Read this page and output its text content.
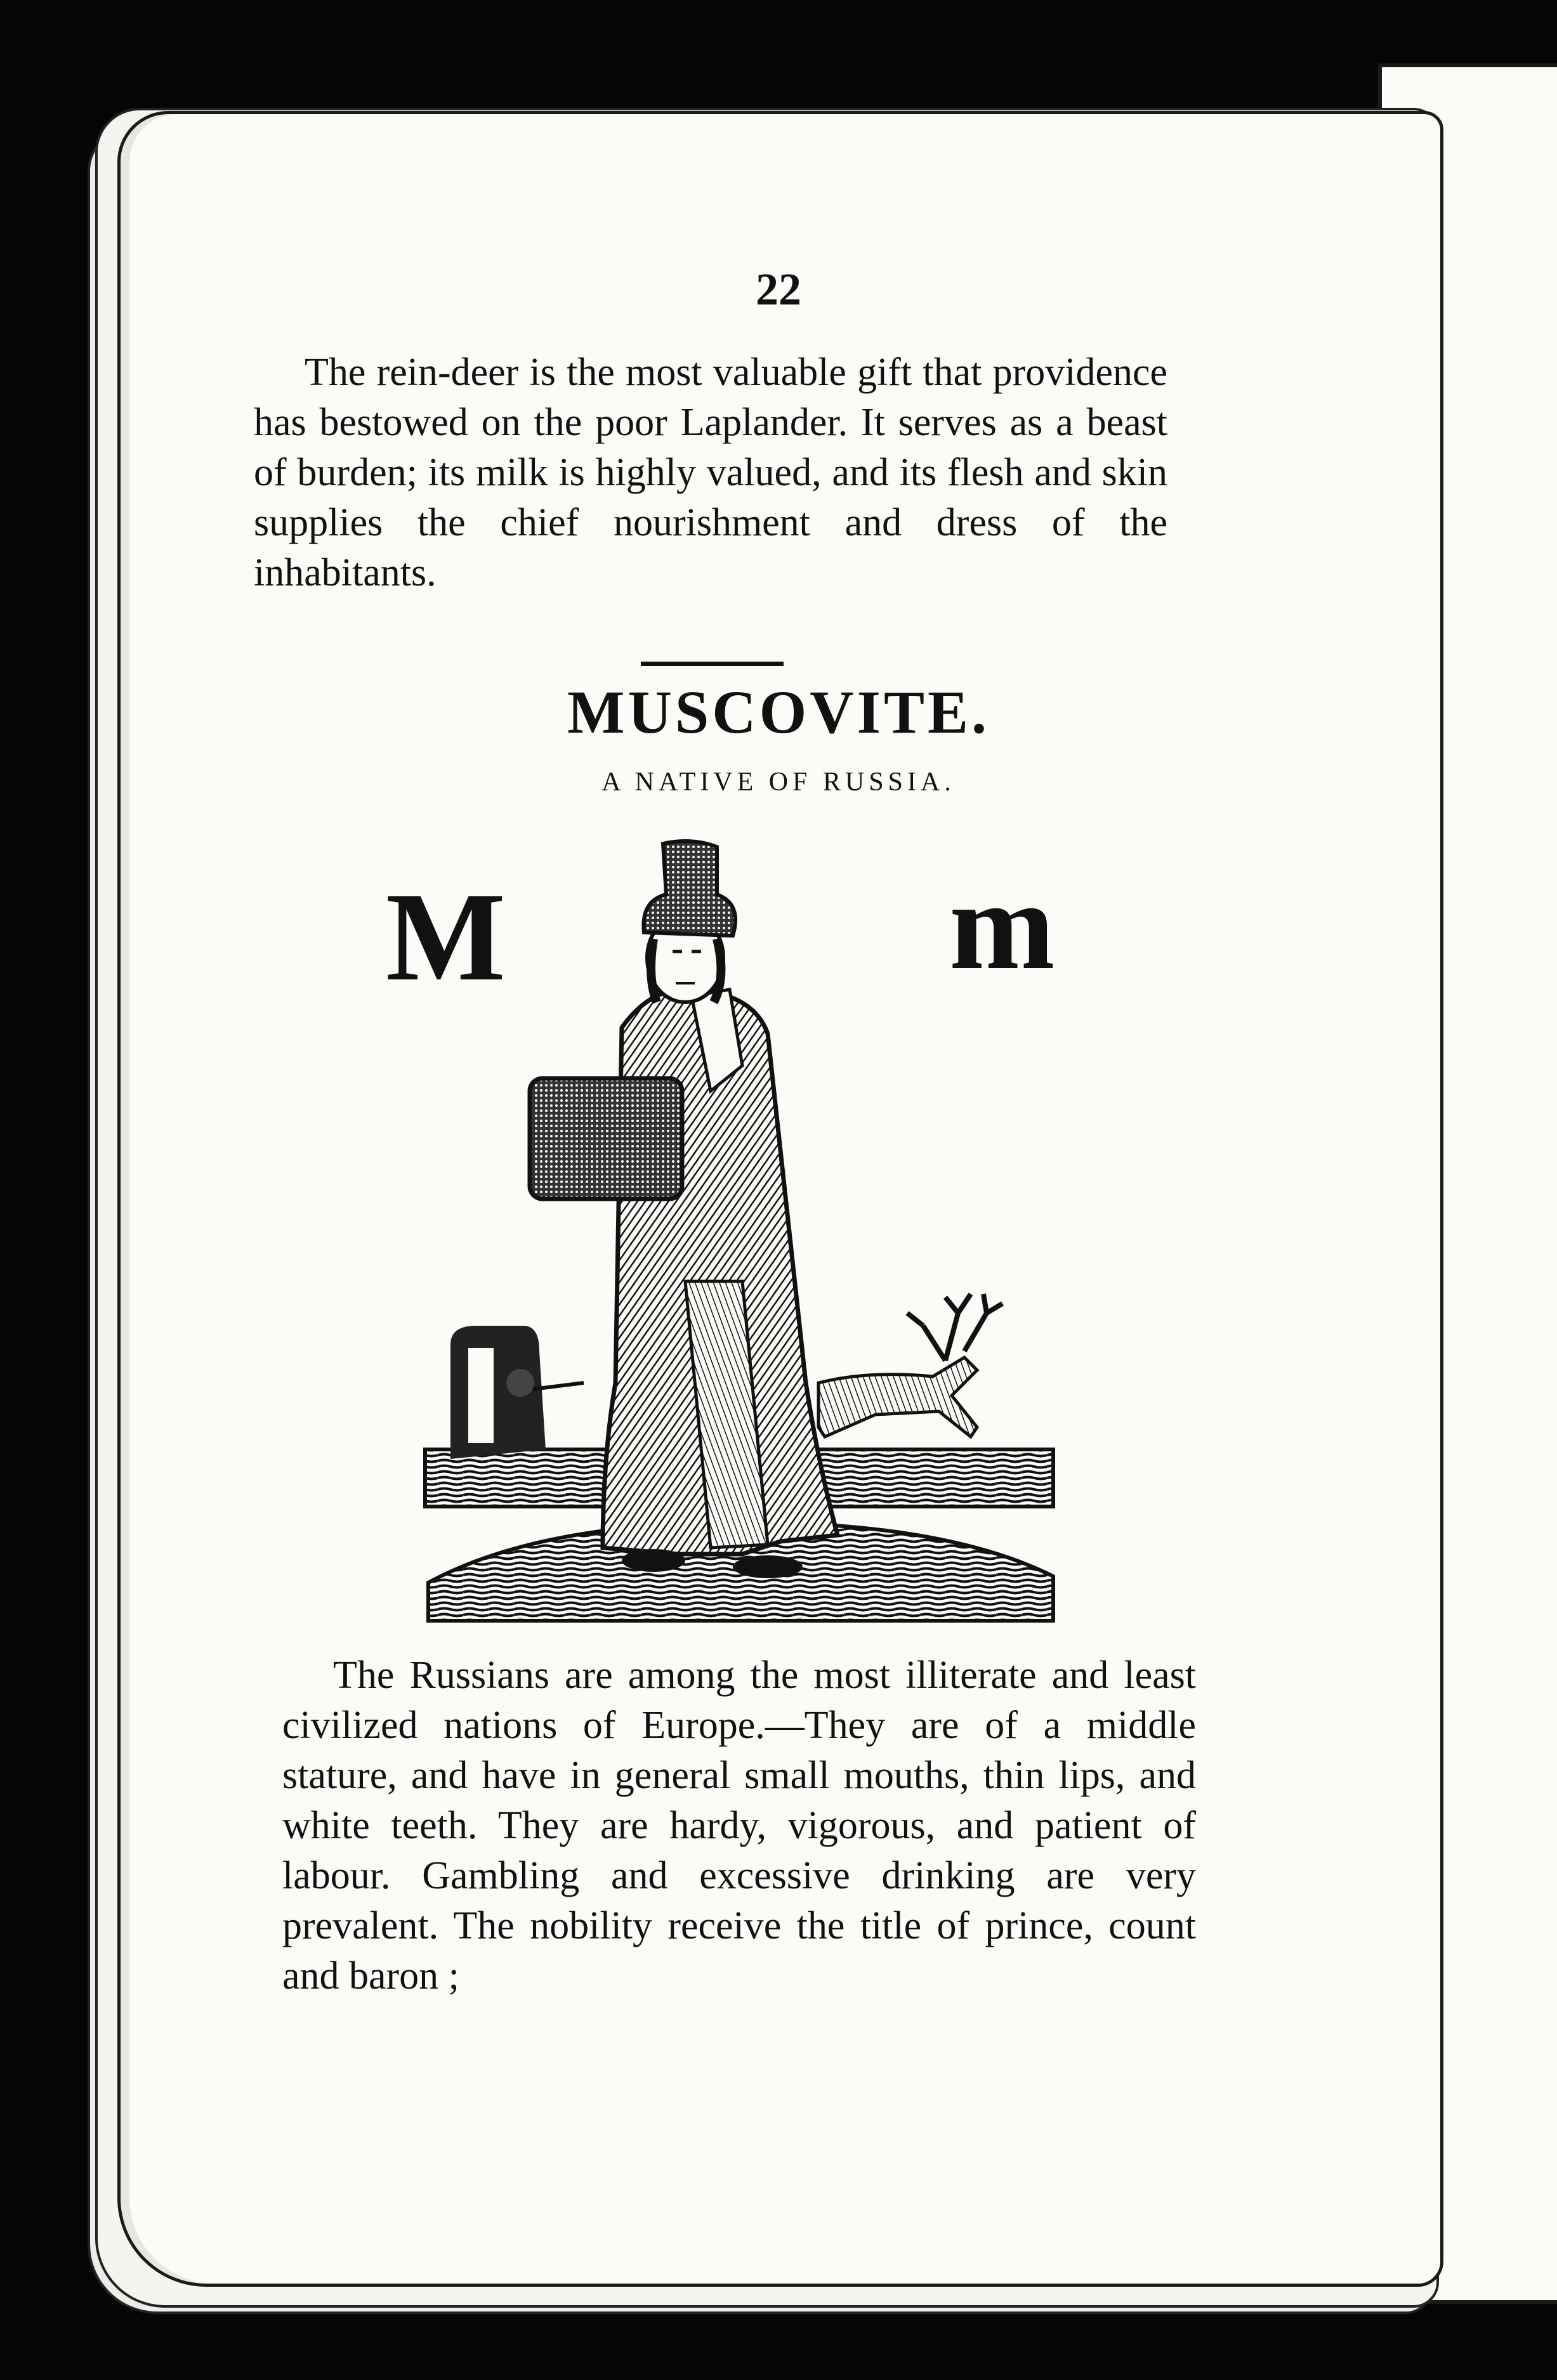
22

The rein-deer is the most valuable gift that providence has bestowed on the poor Laplander. It serves as a beast of burden; its milk is highly valued, and its flesh and skin supplies the chief nourishment and dress of the inhabitants.

MUSCOVITE.

A NATIVE OF RUSSIA.

M	m

The Russians are among the most illiterate and least civilized nations of Europe.—They are of a middle stature, and have in general small mouths, thin lips, and white teeth. They are hardy, vigorous, and patient of labour. Gambling and excessive drinking are very prevalent. The nobility receive the title of prince, count and baron ;
